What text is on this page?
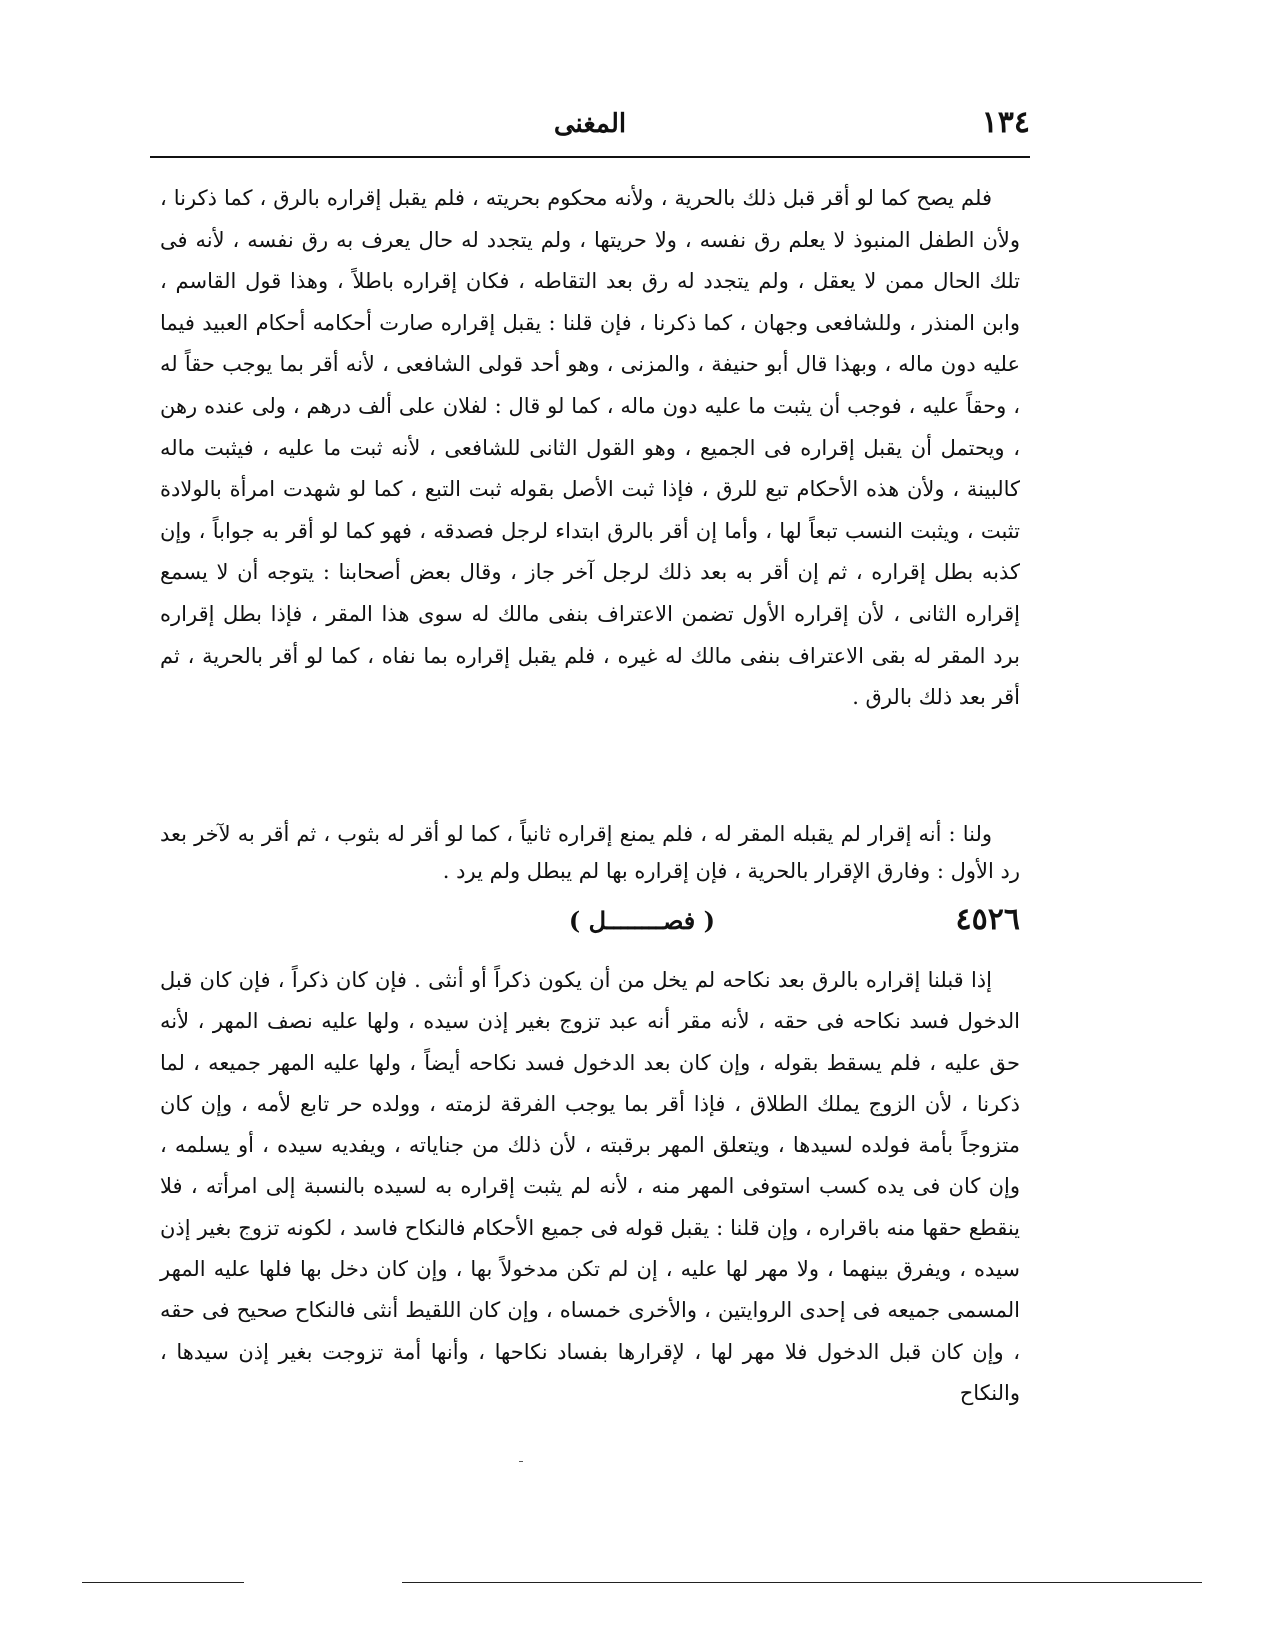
١٣٤
المغنى

فلم يصح كما لو أقر قبل ذلك بالحرية ، ولأنه محكوم بحريته ، فلم يقبل إقراره بالرق ، كما ذكرنا ، ولأن الطفل المنبوذ لا يعلم رق نفسه ، ولا حريتها ، ولم يتجدد له حال يعرف به رق نفسه ، لأنه فى تلك الحال ممن لا يعقل ، ولم يتجدد له رق بعد التقاطه ، فكان إقراره باطلاً ، وهذا قول القاسم ، وابن المنذر ، وللشافعى وجهان ، كما ذكرنا ، فإن قلنا : يقبل إقراره صارت أحكامه أحكام العبيد فيما عليه دون ماله ، وبهذا قال أبو حنيفة ، والمزنى ، وهو أحد قولى الشافعى ، لأنه أقر بما يوجب حقاً له ، وحقاً عليه ، فوجب أن يثبت ما عليه دون ماله ، كما لو قال : لفلان على ألف درهم ، ولى عنده رهن ، ويحتمل أن يقبل إقراره فى الجميع ، وهو القول الثانى للشافعى ، لأنه ثبت ما عليه ، فيثبت ماله كالبينة ، ولأن هذه الأحكام تبع للرق ، فإذا ثبت الأصل بقوله ثبت التبع ، كما لو شهدت امرأة بالولادة تثبت ، ويثبت النسب تبعاً لها ، وأما إن أقر بالرق ابتداء لرجل فصدقه ، فهو كما لو أقر به جواباً ، وإن كذبه بطل إقراره ، ثم إن أقر به بعد ذلك لرجل آخر جاز ، وقال بعض أصحابنا : يتوجه أن لا يسمع إقراره الثانى ، لأن إقراره الأول تضمن الاعتراف بنفى مالك له سوى هذا المقر ، فإذا بطل إقراره برد المقر له بقى الاعتراف بنفى مالك له غيره ، فلم يقبل إقراره بما نفاه ، كما لو أقر بالحرية ، ثم أقر بعد ذلك بالرق .

ولنا : أنه إقرار لم يقبله المقر له ، فلم يمنع إقراره ثانياً ، كما لو أقر له بثوب ، ثم أقر به لآخر بعد رد الأول : وفارق الإقرار بالحرية ، فإن إقراره بها لم يبطل ولم يرد .

٤٥٢٦
( فصــــــــل )

إذا قبلنا إقراره بالرق بعد نكاحه لم يخل من أن يكون ذكراً أو أنثى . فإن كان ذكراً ، فإن كان قبل الدخول فسد نكاحه فى حقه ، لأنه مقر أنه عبد تزوج بغير إذن سيده ، ولها عليه نصف المهر ، لأنه حق عليه ، فلم يسقط بقوله ، وإن كان بعد الدخول فسد نكاحه أيضاً ، ولها عليه المهر جميعه ، لما ذكرنا ، لأن الزوج يملك الطلاق ، فإذا أقر بما يوجب الفرقة لزمته ، وولده حر تابع لأمه ، وإن كان متزوجاً بأمة فولده لسيدها ، ويتعلق المهر برقبته ، لأن ذلك من جناياته ، ويفديه سيده ، أو يسلمه ، وإن كان فى يده كسب استوفى المهر منه ، لأنه لم يثبت إقراره به لسيده بالنسبة إلى امرأته ، فلا ينقطع حقها منه باقراره ، وإن قلنا : يقبل قوله فى جميع الأحكام فالنكاح فاسد ، لكونه تزوج بغير إذن سيده ، ويفرق بينهما ، ولا مهر لها عليه ، إن لم تكن مدخولاً بها ، وإن كان دخل بها فلها عليه المهر المسمى جميعه فى إحدى الروايتين ، والأخرى خمساه ، وإن كان اللقيط أنثى فالنكاح صحيح فى حقه ، وإن كان قبل الدخول فلا مهر لها ، لإقرارها بفساد نكاحها ، وأنها أمة تزوجت بغير إذن سيدها ، والنكاح
